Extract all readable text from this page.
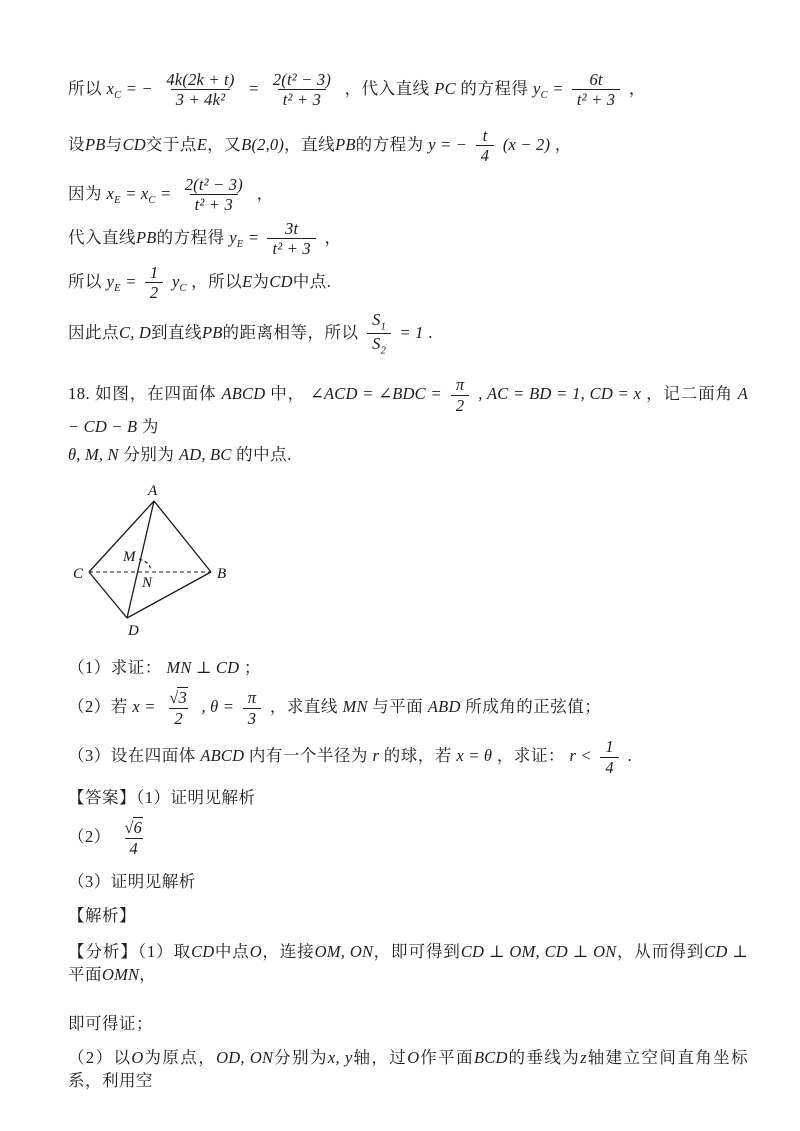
所以 $x_C$ = − $\frac{4k(2k + t)}{\text{3 + 4k²}} = \frac{\text{2(t² − 3)}}{\text{t² + 3}}$ ，代入直线 PC 的方程得 $y_C = \frac{6t}{\text{t² + 3}}$ ，
设PB与CD交于点E，又B(2,0)，直线PB的方程为 y = − $\frac{t}{4} (x - 2)$ ，
因为 $x_E = x_C = \frac{\text{2(t² − 3)}}{\text{t² + 3}}$ ，
代入直线PB的方程得 $y_E = \frac{3t}{\text{t² + 3}}$ ，
所以 $y_E = \frac{1}{2} y_C$ ，所以E为CD中点.
因此点C, D到直线PB的距离相等，所以 $\frac{S_1}{S_2} = 1$ .
18. 如图，在四面体 ABCD 中， ∠ACD = ∠BDC = $\frac{\pi}{2}$ , AC = BD = 1, CD = x ，记二面角 A − CD − B 为
θ, M, N 分别为 AD, BC 的中点.
A
C	B
D
M
N
（1）求证： MN ⊥ CD ；
（2）若 $x = \frac{√3}{2}$ , $\theta = \frac{\pi}{3}$ ，求直线 MN 与平面 ABD 所成角的正弦值；
（3）设在四面体 ABCD 内有一个半径为 r 的球，若 x = θ ，求证： $r < \frac{1}{4}$ .
【答案】（1）证明见解析
$(2) \frac{√6}{4}$
（3）证明见解析
【解析】
【分析】（1）取CD中点O，连接OM, ON，即可得到CD ⊥ OM, CD ⊥ ON，从而得到CD ⊥平面OMN，
即可得证；
（2）以O为原点，OD, ON分别为x, y轴，过O作平面BCD的垂线为z轴建立空间直角坐标系，利用空
